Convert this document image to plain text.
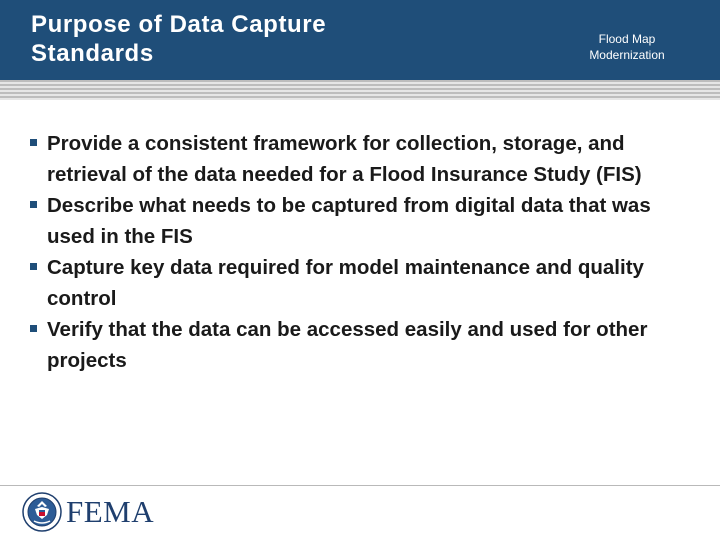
Purpose of Data Capture Standards
Flood Map Modernization
Provide a consistent framework for collection, storage, and retrieval of the data needed for a Flood Insurance Study (FIS)
Describe what needs to be captured from digital data that was used in the FIS
Capture key data required for model maintenance and quality control
Verify that the data can be accessed easily and used for other projects
FEMA
